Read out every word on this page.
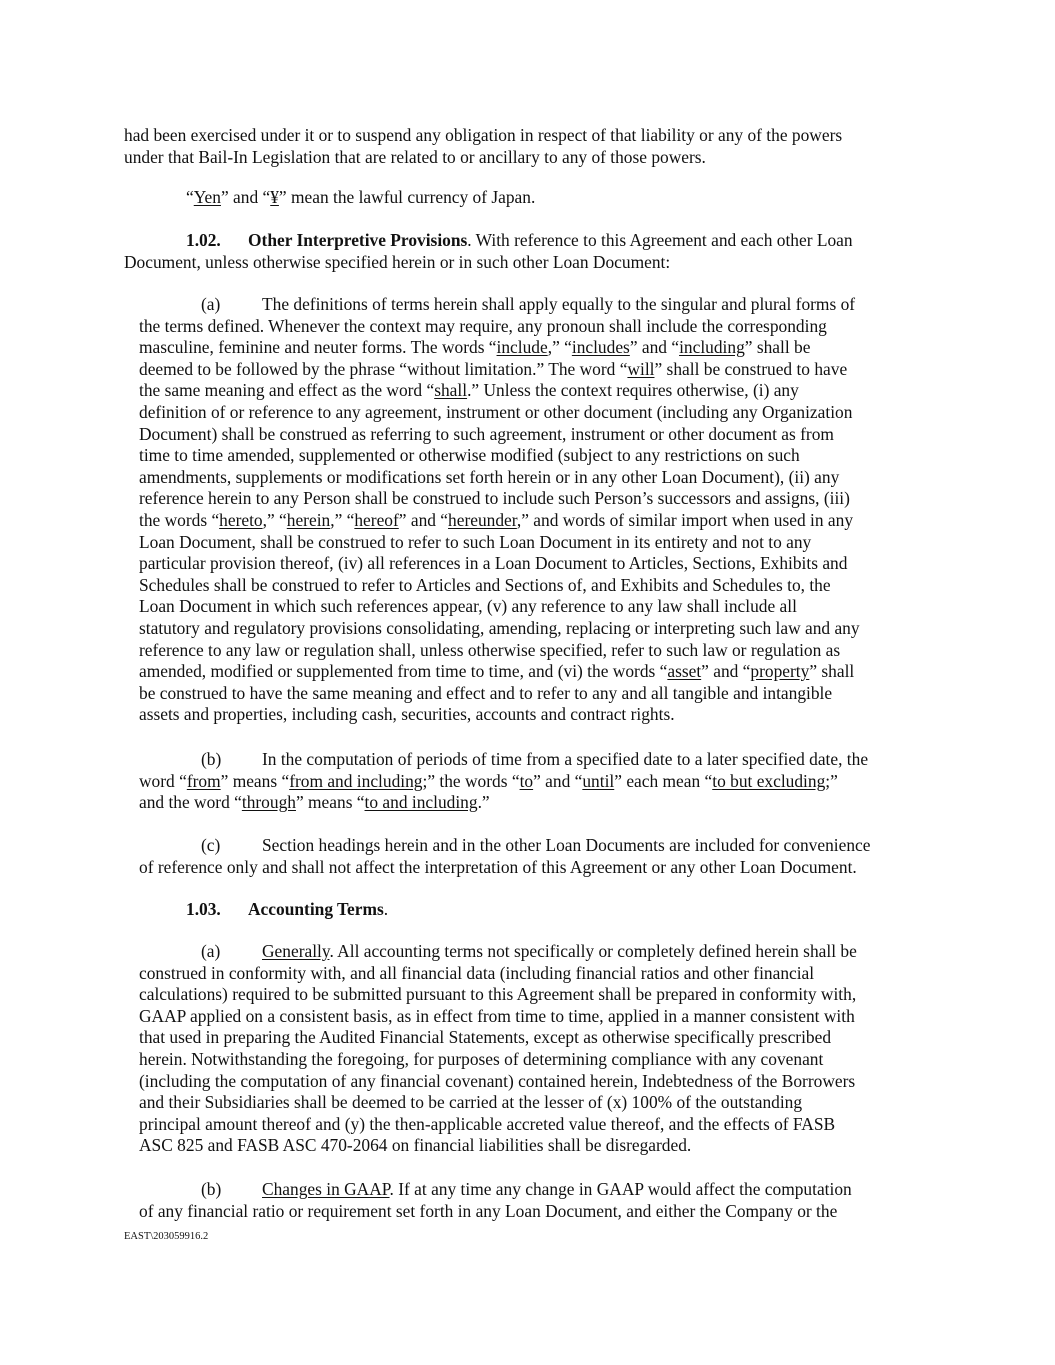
had been exercised under it or to suspend any obligation in respect of that liability or any of the powers
under that Bail-In Legislation that are related to or ancillary to any of those powers.

“Yen” and “¥” mean the lawful currency of Japan.

1.02. Other Interpretive Provisions. With reference to this Agreement and each other Loan
Document, unless otherwise specified herein or in such other Loan Document:

(a) The definitions of terms herein shall apply equally to the singular and plural forms of
the terms defined. Whenever the context may require, any pronoun shall include the corresponding
masculine, feminine and neuter forms. The words “include,” “includes” and “including” shall be
deemed to be followed by the phrase “without limitation.” The word “will” shall be construed to have
the same meaning and effect as the word “shall.” Unless the context requires otherwise, (i) any
definition of or reference to any agreement, instrument or other document (including any Organization
Document) shall be construed as referring to such agreement, instrument or other document as from
time to time amended, supplemented or otherwise modified (subject to any restrictions on such
amendments, supplements or modifications set forth herein or in any other Loan Document), (ii) any
reference herein to any Person shall be construed to include such Person’s successors and assigns, (iii)
the words “hereto,” “herein,” “hereof” and “hereunder,” and words of similar import when used in any
Loan Document, shall be construed to refer to such Loan Document in its entirety and not to any
particular provision thereof, (iv) all references in a Loan Document to Articles, Sections, Exhibits and
Schedules shall be construed to refer to Articles and Sections of, and Exhibits and Schedules to, the
Loan Document in which such references appear, (v) any reference to any law shall include all
statutory and regulatory provisions consolidating, amending, replacing or interpreting such law and any
reference to any law or regulation shall, unless otherwise specified, refer to such law or regulation as
amended, modified or supplemented from time to time, and (vi) the words “asset” and “property” shall
be construed to have the same meaning and effect and to refer to any and all tangible and intangible
assets and properties, including cash, securities, accounts and contract rights.

(b) In the computation of periods of time from a specified date to a later specified date, the
word “from” means “from and including;” the words “to” and “until” each mean “to but excluding;”
and the word “through” means “to and including.”

(c) Section headings herein and in the other Loan Documents are included for convenience
of reference only and shall not affect the interpretation of this Agreement or any other Loan Document.

1.03. Accounting Terms.

(a) Generally. All accounting terms not specifically or completely defined herein shall be
construed in conformity with, and all financial data (including financial ratios and other financial
calculations) required to be submitted pursuant to this Agreement shall be prepared in conformity with,
GAAP applied on a consistent basis, as in effect from time to time, applied in a manner consistent with
that used in preparing the Audited Financial Statements, except as otherwise specifically prescribed
herein. Notwithstanding the foregoing, for purposes of determining compliance with any covenant
(including the computation of any financial covenant) contained herein, Indebtedness of the Borrowers
and their Subsidiaries shall be deemed to be carried at the lesser of (x) 100% of the outstanding
principal amount thereof and (y) the then-applicable accreted value thereof, and the effects of FASB
ASC 825 and FASB ASC 470-2064 on financial liabilities shall be disregarded.

(b) Changes in GAAP. If at any time any change in GAAP would affect the computation
of any financial ratio or requirement set forth in any Loan Document, and either the Company or the

EAST\203059916.2
